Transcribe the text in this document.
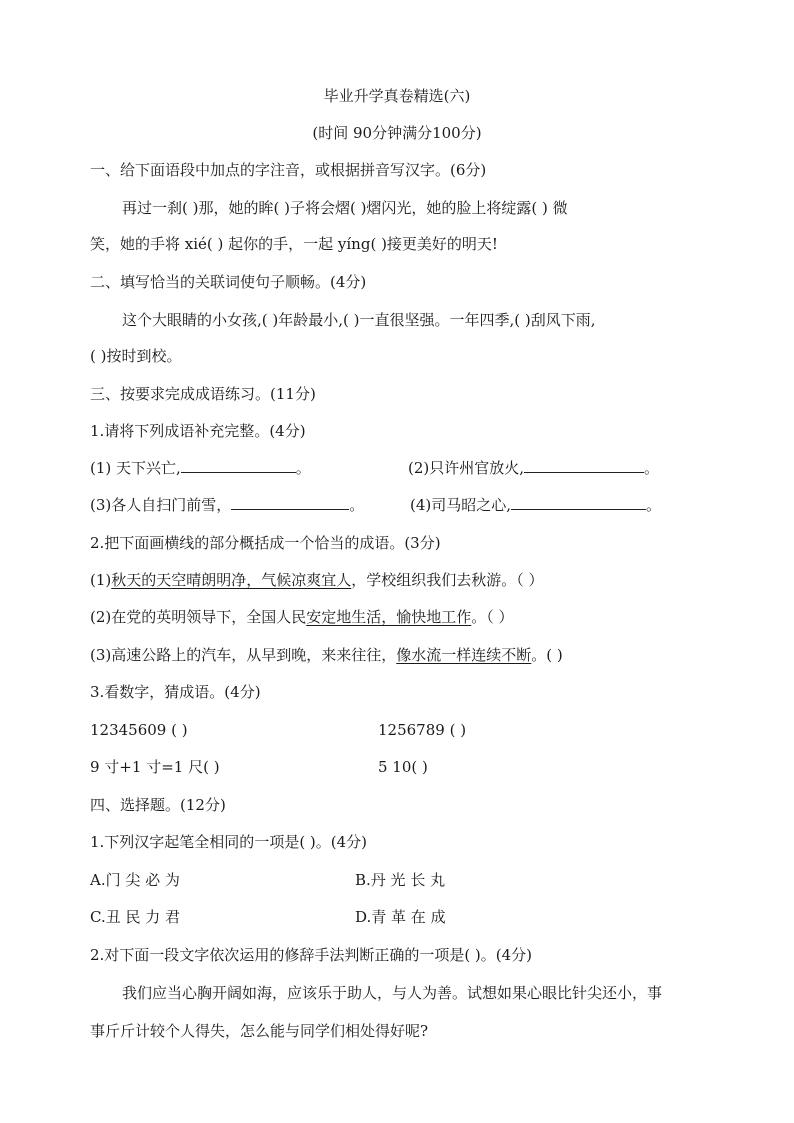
毕业升学真卷精选(六)
(时间 90分钟满分100分)
一、给下面语段中加点的字注音，或根据拼音写汉字。(6分)
再过一刹( )那，她的眸( )子将会熠( )熠闪光，她的脸上将绽露( ) 微
笑，她的手将 xié( ) 起你的手，一起 yíng( )接更美好的明天!
二、填写恰当的关联词使句子顺畅。(4分)
这个大眼睛的小女孩,( )年龄最小,( )一直很坚强。一年四季,( )刮风下雨,
( )按时到校。
三、按要求完成成语练习。(11分)
1.请将下列成语补充完整。(4分)
(1) 天下兴亡,	。	(2)只许州官放火,	。
(3)各人自扫门前雪，	。	(4)司马昭之心,	。
2.把下面画横线的部分概括成一个恰当的成语。(3分)
(1)秋天的天空晴朗明净，气候凉爽宜人，学校组织我们去秋游。（ ）
(2)在党的英明领导下，全国人民安定地生活，愉快地工作。（ ）
(3)高速公路上的汽车，从早到晚，来来往往，像水流一样连续不断。( )
3.看数字，猜成语。(4分)
12345609 ( )	1256789 ( )
9 寸+1 寸=1 尺( )	5 10( )
四、选择题。(12分)
1.下列汉字起笔全相同的一项是( )。(4分)
A.门 尖 必 为	B.丹 光 长 丸
C.丑 民 力 君	D.青 革 在 成
2.对下面一段文字依次运用的修辞手法判断正确的一项是( )。(4分)
我们应当心胸开阔如海，应该乐于助人，与人为善。试想如果心眼比针尖还小，事
事斤斤计较个人得失，怎么能与同学们相处得好呢?
